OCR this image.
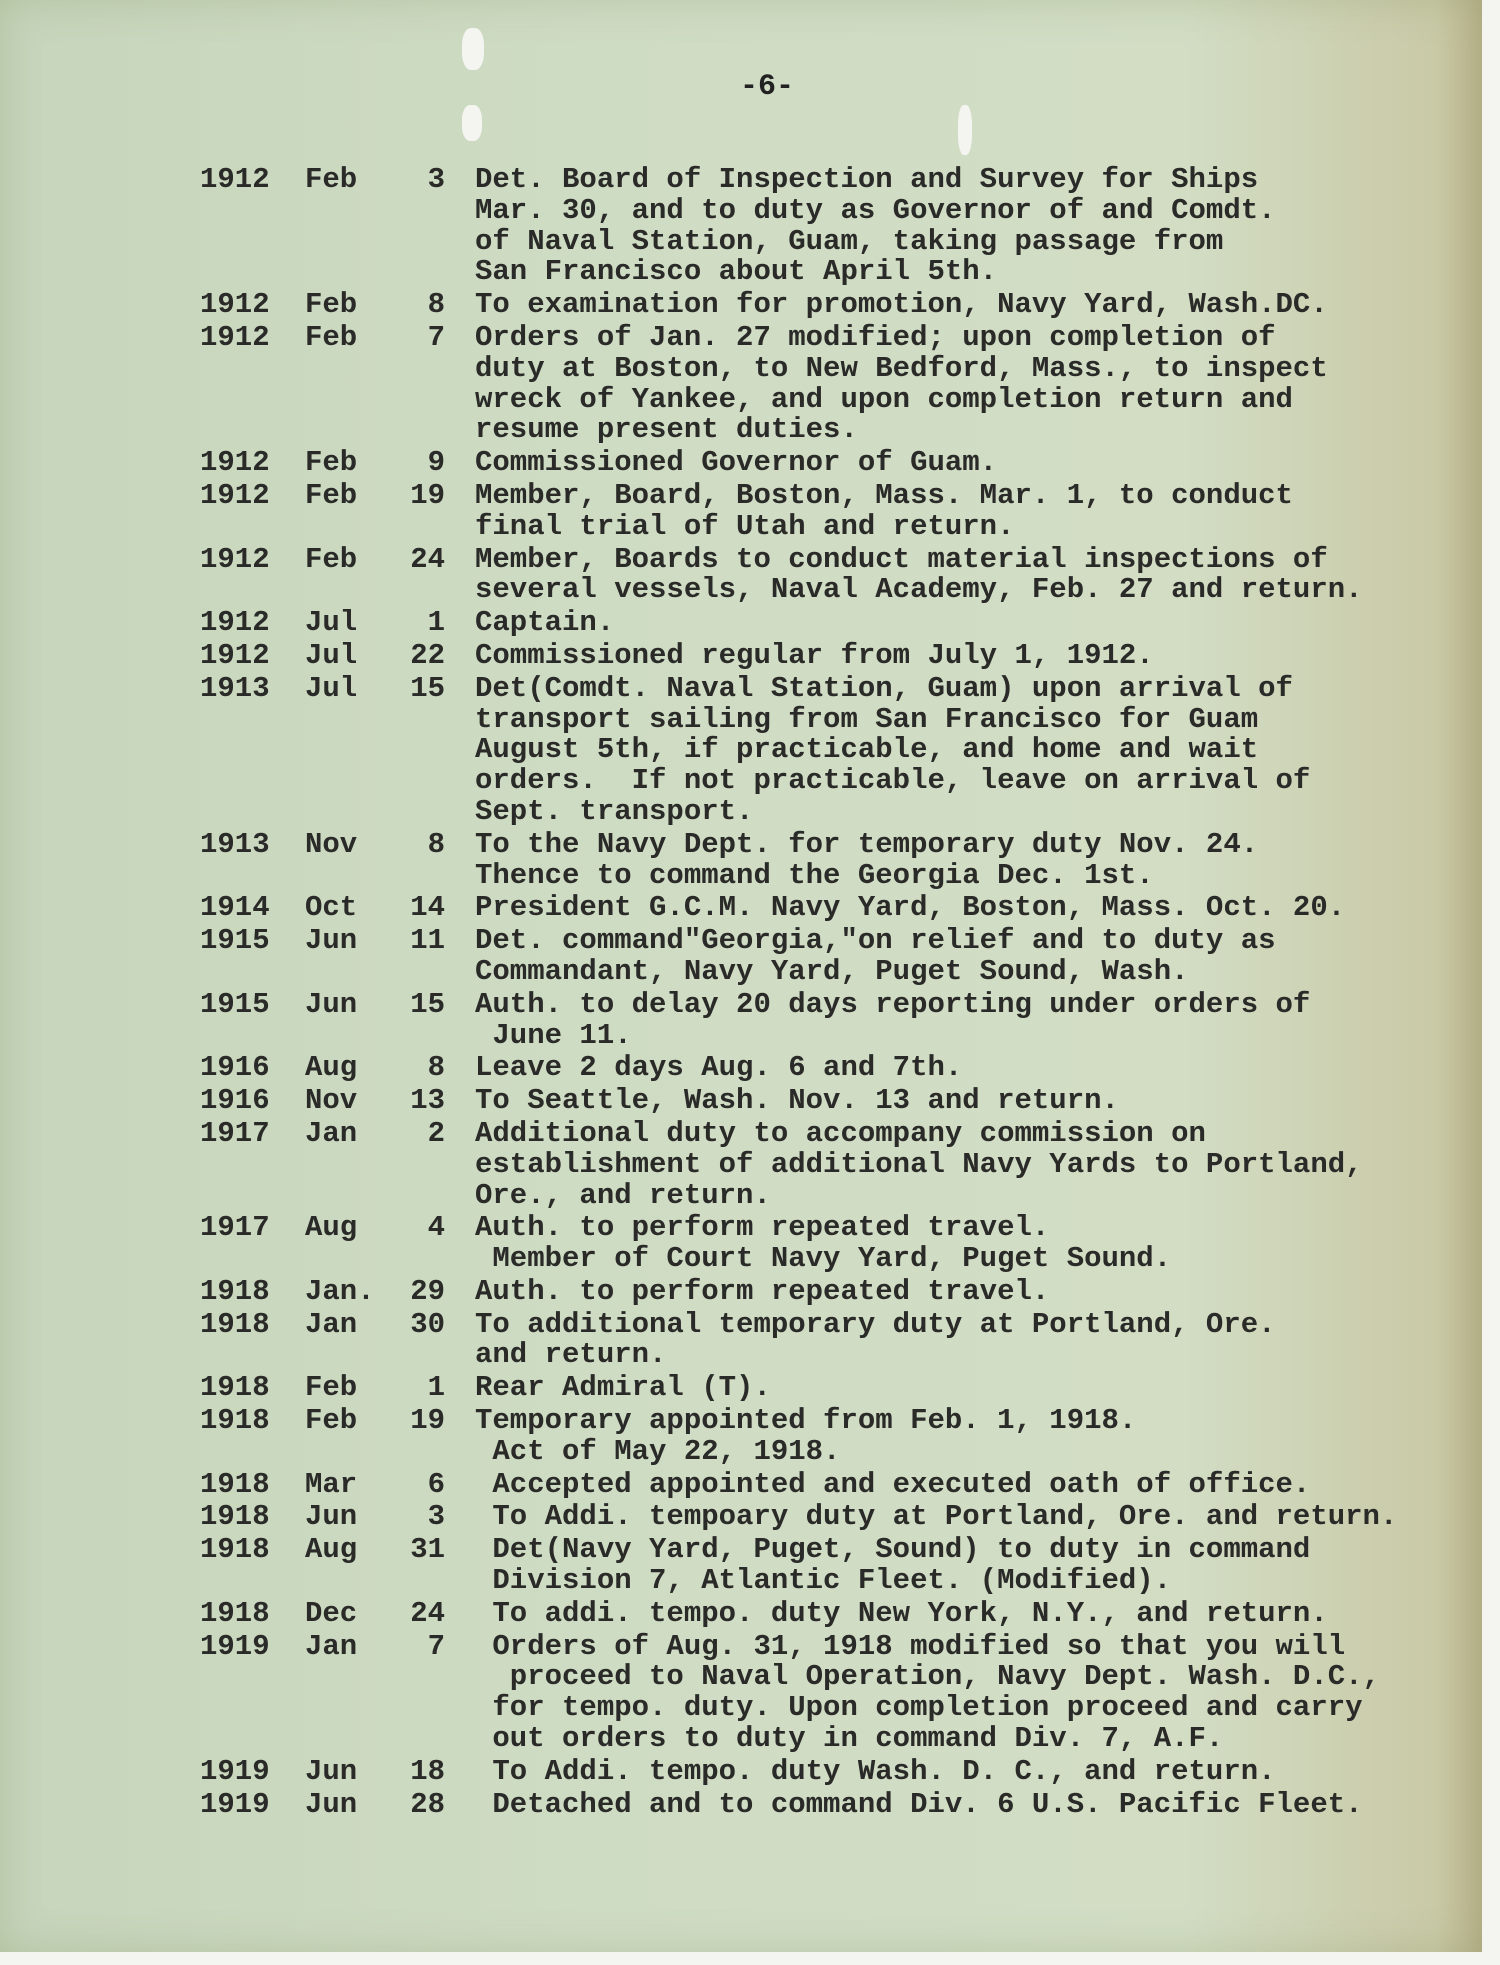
-6-
1912	Feb	3 Det. Board of Inspection and Survey for Ships
Mar. 30, and to duty as Governor of and Comdt.
of Naval Station, Guam, taking passage from
San Francisco about April 5th.
1912	Feb	8 To examination for promotion, Navy Yard, Wash.DC.
1912	Feb	7 Orders of Jan. 27 modified; upon completion of
duty at Boston, to New Bedford, Mass., to inspect
wreck of Yankee, and upon completion return and
resume present duties.
1912	Feb	9 Commissioned Governor of Guam.
1912	Feb	19 Member, Board, Boston, Mass. Mar. 1, to conduct
final trial of Utah and return.
1912	Feb	24 Member, Boards to conduct material inspections of
several vessels, Naval Academy, Feb. 27 and return.
1912	Jul	1 Captain.
1912	Jul	22 Commissioned regular from July 1, 1912.
1913	Jul	15 Det(Comdt. Naval Station, Guam) upon arrival of
transport sailing from San Francisco for Guam
August 5th, if practicable, and home and wait
orders.  If not practicable, leave on arrival of
Sept. transport.
1913	Nov	8 To the Navy Dept. for temporary duty Nov. 24.
Thence to command the Georgia Dec. 1st.
1914	Oct	14 President G.C.M. Navy Yard, Boston, Mass. Oct. 20.
1915	Jun	11 Det. command"Georgia,"on relief and to duty as
Commandant, Navy Yard, Puget Sound, Wash.
1915	Jun	15 Auth. to delay 20 days reporting under orders of
June 11.
1916	Aug	8 Leave 2 days Aug. 6 and 7th.
1916	Nov	13 To Seattle, Wash. Nov. 13 and return.
1917	Jan	2 Additional duty to accompany commission on
establishment of additional Navy Yards to Portland,
Ore., and return.
1917	Aug	4 Auth. to perform repeated travel.
Member of Court Navy Yard, Puget Sound.
1918	Jan.	29 Auth. to perform repeated travel.
1918	Jan	30 To additional temporary duty at Portland, Ore.
and return.
1918	Feb	1 Rear Admiral (T).
1918	Feb	19 Temporary appointed from Feb. 1, 1918.
Act of May 22, 1918.
1918	Mar	6 Accepted appointed and executed oath of office.
1918	Jun	3 To Addi. tempoary duty at Portland, Ore. and return.
1918	Aug	31 Det(Navy Yard, Puget, Sound) to duty in command
Division 7, Atlantic Fleet. (Modified).
1918	Dec	24 To addi. tempo. duty New York, N.Y., and return.
1919	Jan	7 Orders of Aug. 31, 1918 modified so that you will
proceed to Naval Operation, Navy Dept. Wash. D.C.,
for tempo. duty. Upon completion proceed and carry
out orders to duty in command Div. 7, A.F.
1919	Jun	18 To Addi. tempo. duty Wash. D. C., and return.
1919	Jun	28 Detached and to command Div. 6 U.S. Pacific Fleet.
